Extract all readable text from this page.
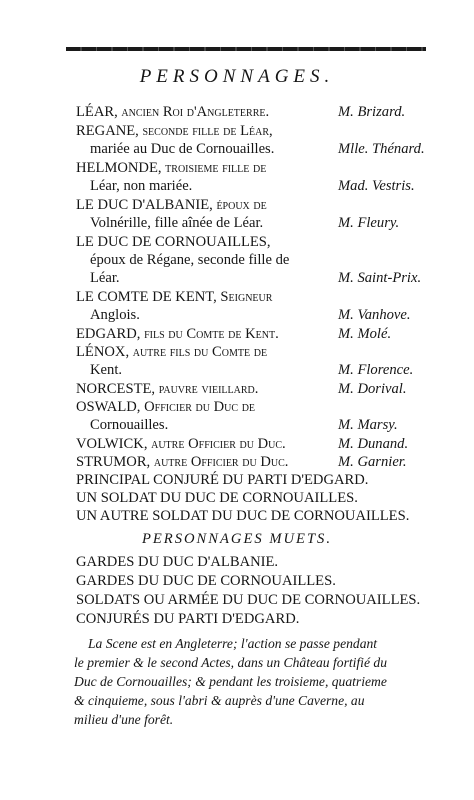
PERSONNAGES.
LÉAR, ancien Roi d'Angleterre.	M. Brizard.
REGANE, seconde fille de Léar,
mariée au Duc de Cornouailles.	Mlle. Thénard.
HELMONDE, troisieme fille de
Léar, non mariée.	Mad. Vestris.
LE DUC D'ALBANIE, époux de
Volnérille, fille aînée de Léar.	M. Fleury.
LE DUC DE CORNOUAILLES,
époux de Régane, seconde fille de
Léar.	M. Saint-Prix.
LE COMTE DE KENT, Seigneur
Anglois.	M. Vanhove.
EDGARD, fils du Comte de Kent.	M. Molé.
LÉNOX, autre fils du Comte de
Kent.	M. Florence.
NORCESTE, pauvre vieillard.	M. Dorival.
OSWALD, Officier du Duc de
Cornouailles.	M. Marsy.
VOLWICK, autre Officier du Duc.	M. Dunand.
STRUMOR, autre Officier du Duc.	M. Garnier.
PRINCIPAL CONJURÉ DU PARTI D'EDGARD.
UN SOLDAT DU DUC DE CORNOUAILLES.
UN AUTRE SOLDAT DU DUC DE CORNOUAILLES.
PERSONNAGES MUETS.
GARDES DU DUC D'ALBANIE.
GARDES DU DUC DE CORNOUAILLES.
SOLDATS OU ARMÉE DU DUC DE CORNOUAILLES.
CONJURÉS DU PARTI D'EDGARD.
La Scene est en Angleterre; l'action se passe pendant
le premier & le second Actes, dans un Château fortifié du
Duc de Cornouailles; & pendant les troisieme, quatrieme
& cinquieme, sous l'abri & auprès d'une Caverne, au
milieu d'une forêt.
